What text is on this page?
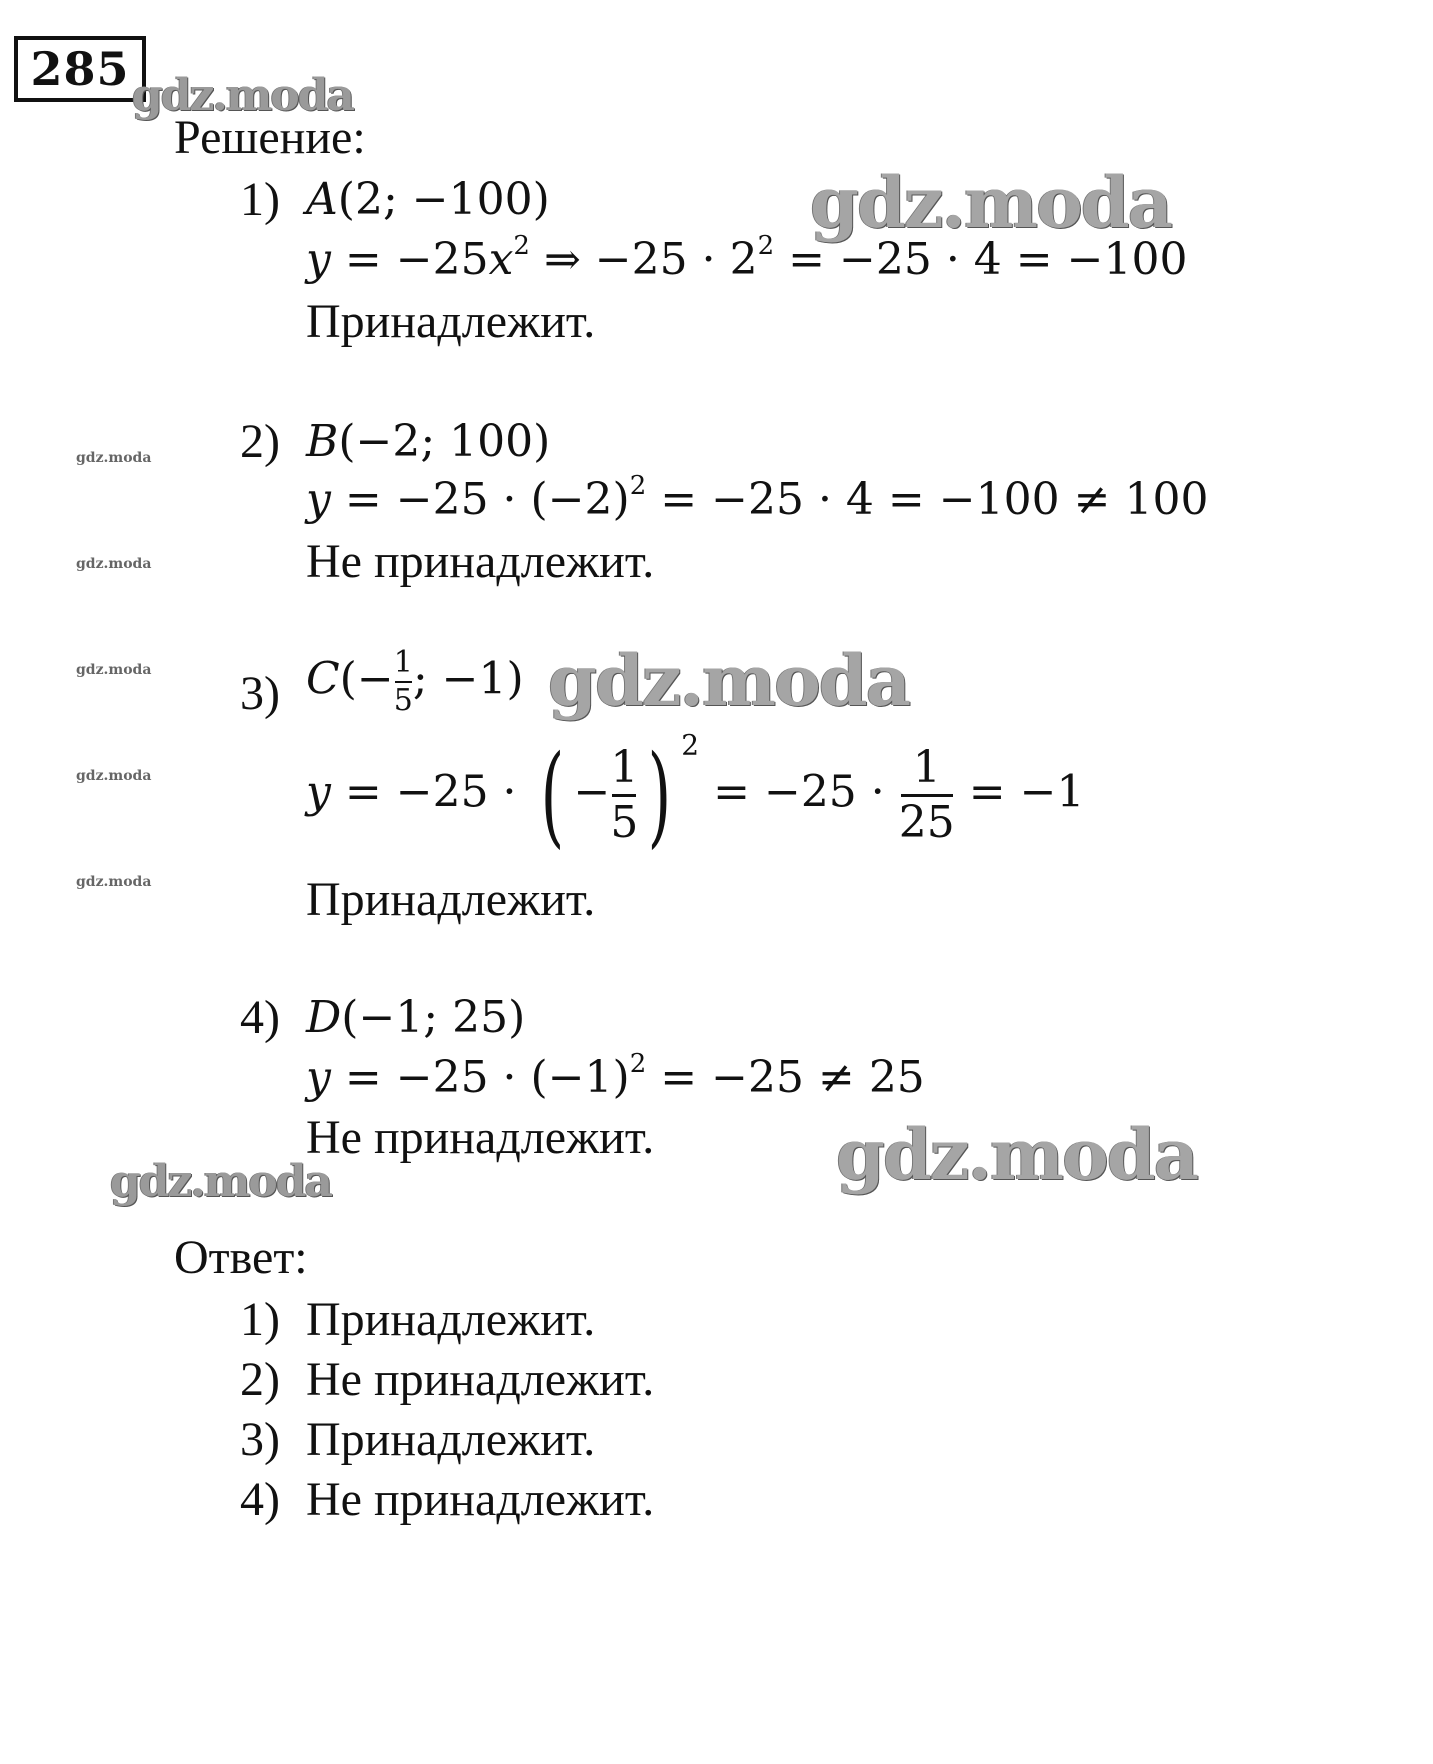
285 gdz.moda
gdz.moda
gdz.moda
gdz.moda
gdz.moda
gdz.moda
gdz.moda
gdz.moda
gdz.moda
gdz.moda
Решение:
1) A(2; −100)
$y = -25x^2$ ⇒ $-25 \cdot 2^2 = -25 \cdot 4 = -100$
Принадлежит.
2) B(−2; 100)
$y = -25 \cdot (-2)^2 = -25 \cdot 4 = -100 \ne 100$
Не принадлежит.
3) $C(- \frac{1}{5}$ ; −1)
y = −25 · ( − $\frac{1}{5}$ ) $^2 = -25 \cdot \frac{1}{25} = -1$
Принадлежит.
4) D(−1; 25)
$y = -25 \cdot (-1)^2 = -25 \ne 25$
Не принадлежит.
Ответ:
1) Принадлежит.
2) Не принадлежит.
3) Принадлежит.
4) Не принадлежит.
